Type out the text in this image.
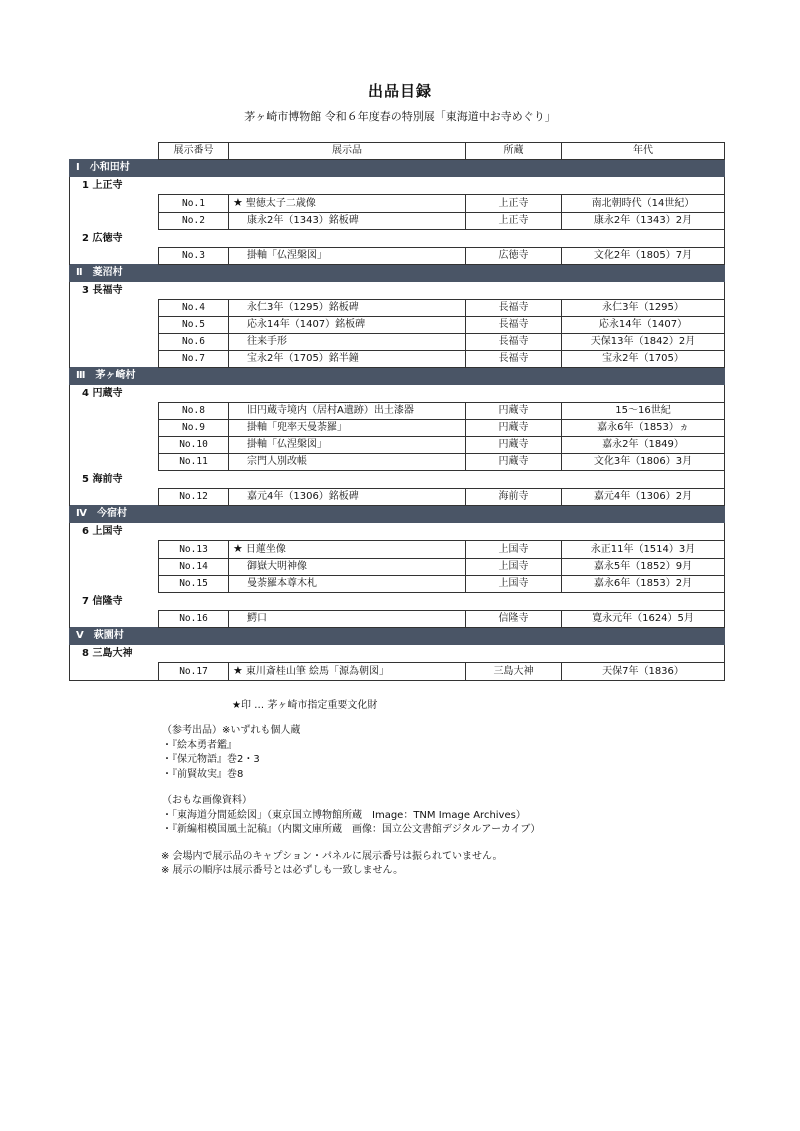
出品目録
茅ヶ崎市博物館 令和６年度春の特別展「東海道中お寺めぐり」
	展示番号	展示品	所蔵	年代
Ⅰ　小和田村				
1 上正寺				
	No.1	★ 聖徳太子二歳像	上正寺	南北朝時代（14世紀）
	No.2	康永2年（1343）銘板碑	上正寺	康永2年（1343）2月
2 広徳寺				
	No.3	掛軸「仏涅槃図」	広徳寺	文化2年（1805）7月
Ⅱ　菱沼村				
3 長福寺				
	No.4	永仁3年（1295）銘板碑	長福寺	永仁3年（1295）
	No.5	応永14年（1407）銘板碑	長福寺	応永14年（1407）
	No.6	往来手形	長福寺	天保13年（1842）2月
	No.7	宝永2年（1705）銘半鐘	長福寺	宝永2年（1705）
Ⅲ　茅ヶ崎村				
4 円蔵寺				
	No.8	旧円蔵寺境内（居村A遺跡）出土漆器	円蔵寺	15～16世紀
	No.9	掛軸「兜率天曼荼羅」	円蔵寺	嘉永6年（1853）ヵ
	No.10	掛軸「仏涅槃図」	円蔵寺	嘉永2年（1849）
	No.11	宗門人別改帳	円蔵寺	文化3年（1806）3月
5 海前寺				
	No.12	嘉元4年（1306）銘板碑	海前寺	嘉元4年（1306）2月
Ⅳ　今宿村				
6 上国寺				
	No.13	★ 日蓮坐像	上国寺	永正11年（1514）3月
	No.14	御嶽大明神像	上国寺	嘉永5年（1852）9月
	No.15	曼荼羅本尊木札	上国寺	嘉永6年（1853）2月
7 信隆寺				
	No.16	鰐口	信隆寺	寛永元年（1624）5月
Ⅴ　萩園村				
8 三島大神				
	No.17	★ 東川斎桂山筆 絵馬「源為朝図」	三島大神	天保7年（1836）
★印 … 茅ヶ崎市指定重要文化財
（参考出品）※いずれも個人蔵
・『絵本勇者鑑』
・『保元物語』巻2・3
・『前賢故実』巻8
（おもな画像資料）
・「東海道分間延絵図」（東京国立博物館所蔵　Image：TNM Image Archives）
・『新編相模国風土記稿』（内閣文庫所蔵　画像：国立公文書館デジタルアーカイブ）
※ 会場内で展示品のキャプション・パネルに展示番号は振られていません。
※ 展示の順序は展示番号とは必ずしも一致しません。
